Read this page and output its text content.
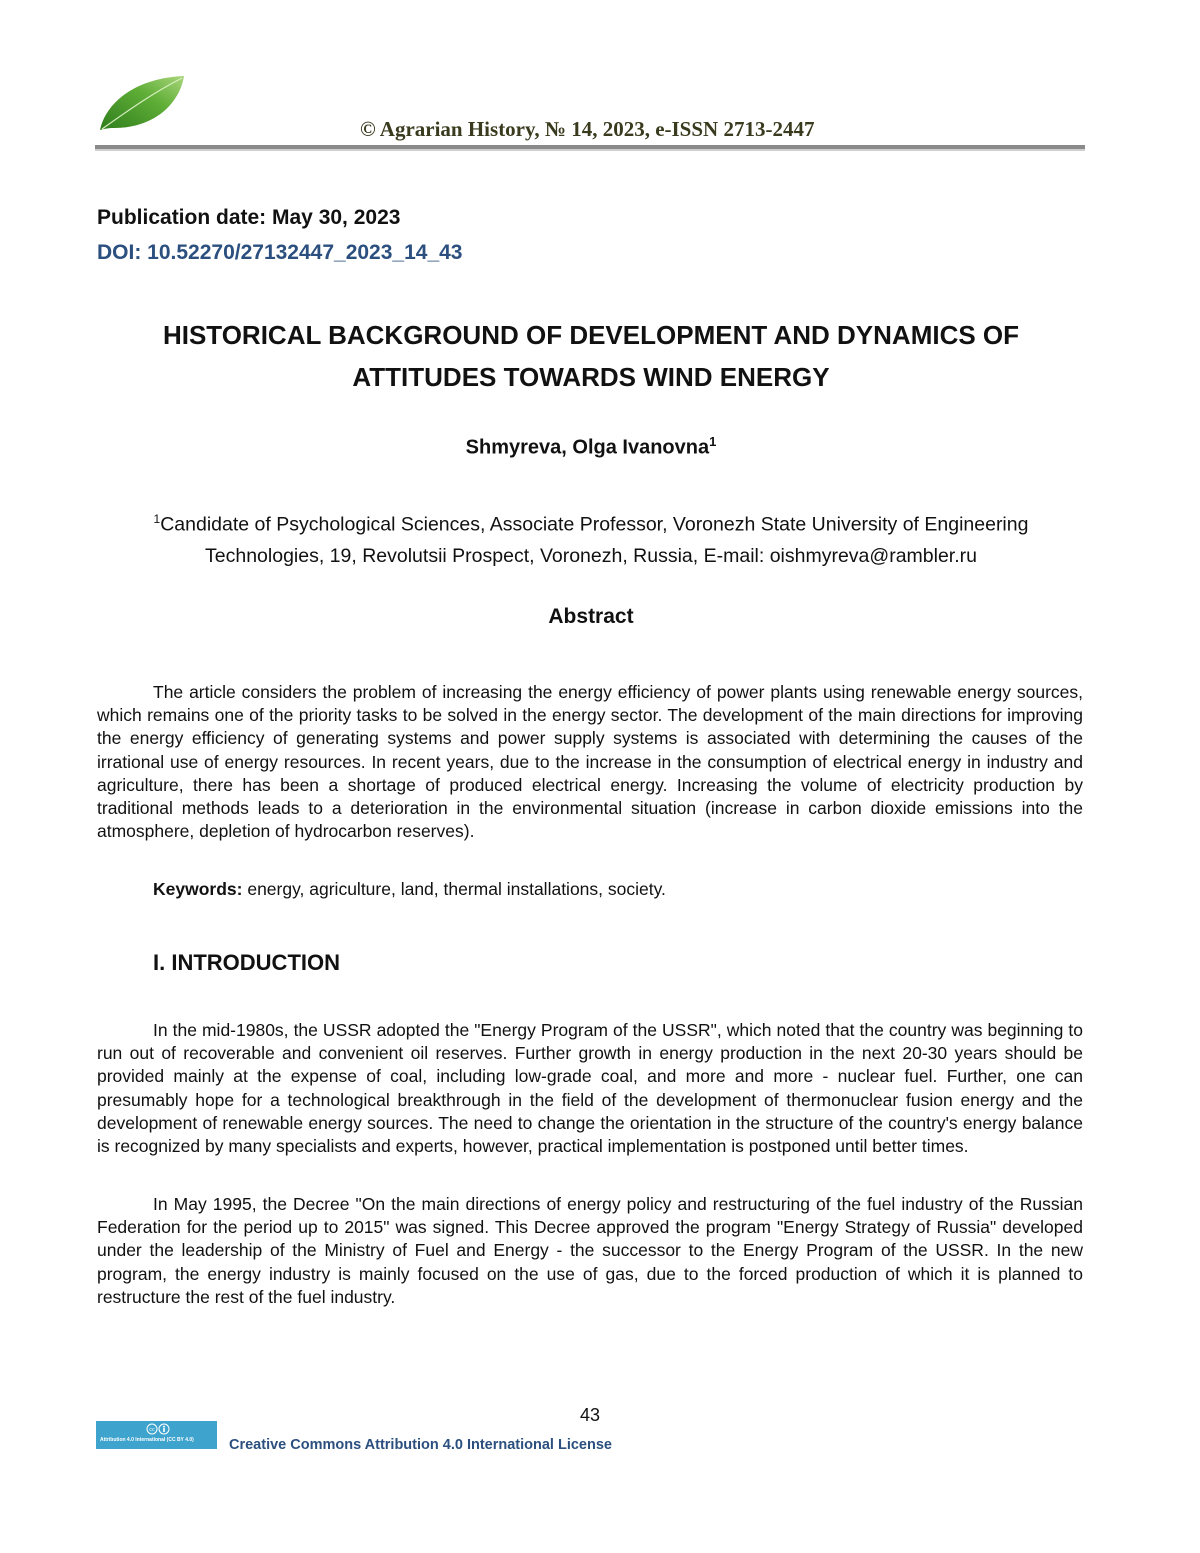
© Agrarian History, № 14, 2023, e-ISSN 2713-2447
Publication date: May 30, 2023
DOI: 10.52270/27132447_2023_14_43
HISTORICAL BACKGROUND OF DEVELOPMENT AND DYNAMICS OF
ATTITUDES TOWARDS WIND ENERGY
Shmyreva, Olga Ivanovna$^1$
$^1$Candidate of Psychological Sciences, Associate Professor, Voronezh State University of Engineering Technologies, 19, Revolutsii Prospect, Voronezh, Russia, E-mail: oishmyreva@rambler.ru
Abstract

The article considers the problem of increasing the energy efficiency of power plants using renewable energy sources, which remains one of the priority tasks to be solved in the energy sector. The development of the main directions for improving the energy efficiency of generating systems and power supply systems is associated with determining the causes of the irrational use of energy resources. In recent years, due to the increase in the consumption of electrical energy in industry and agriculture, there has been a shortage of produced electrical energy. Increasing the volume of electricity production by traditional methods leads to a deterioration in the environmental situation (increase in carbon dioxide emissions into the atmosphere, depletion of hydrocarbon reserves).

Keywords: energy, agriculture, land, thermal installations, society.
I. INTRODUCTION

In the mid-1980s, the USSR adopted the "Energy Program of the USSR", which noted that the country was beginning to run out of recoverable and convenient oil reserves. Further growth in energy production in the next 20-30 years should be provided mainly at the expense of coal, including low-grade coal, and more and more - nuclear fuel. Further, one can presumably hope for a technological breakthrough in the field of the development of thermonuclear fusion energy and the development of renewable energy sources. The need to change the orientation in the structure of the country's energy balance is recognized by many specialists and experts, however, practical implementation is postponed until better times.

In May 1995, the Decree "On the main directions of energy policy and restructuring of the fuel industry of the Russian Federation for the period up to 2015" was signed. This Decree approved the program "Energy Strategy of Russia" developed under the leadership of the Ministry of Fuel and Energy - the successor to the Energy Program of the USSR. In the new program, the energy industry is mainly focused on the use of gas, due to the forced production of which it is planned to restructure the rest of the fuel industry.

43
cc
Attribution 4.0 International (CC BY 4.0)	Creative Commons Attribution 4.0 International License
